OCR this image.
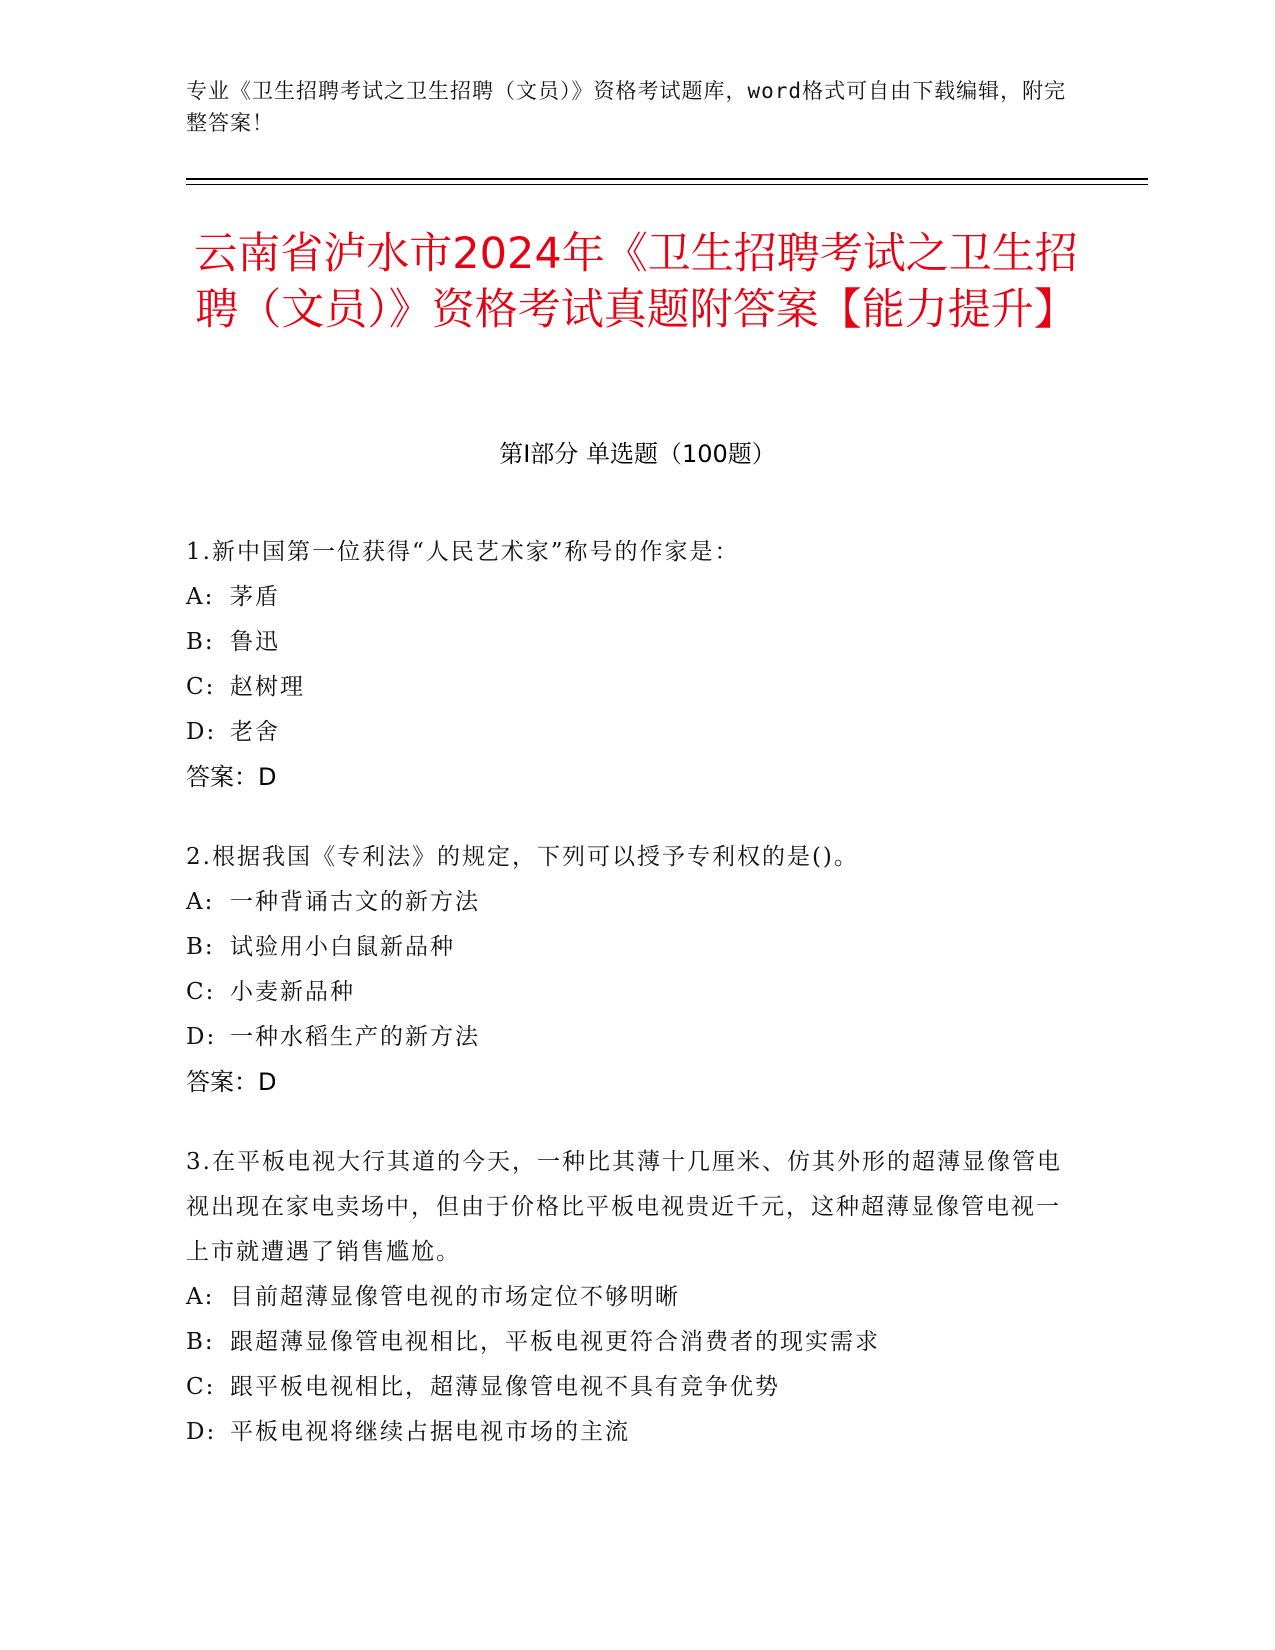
专业《卫生招聘考试之卫生招聘（文员）》资格考试题库，word格式可自由下载编辑，附完整答案！
云南省泸水市2024年《卫生招聘考试之卫生招聘（文员）》资格考试真题附答案【能力提升】
第Ⅰ部分 单选题（100题）
1.新中国第一位获得“人民艺术家”称号的作家是：
A: 茅盾
B: 鲁迅
C: 赵树理
D: 老舍
答案：D
2.根据我国《专利法》的规定，下列可以授予专利权的是()。
A: 一种背诵古文的新方法
B: 试验用小白鼠新品种
C: 小麦新品种
D: 一种水稻生产的新方法
答案：D
3.在平板电视大行其道的今天，一种比其薄十几厘米、仿其外形的超薄显像管电视出现在家电卖场中，但由于价格比平板电视贵近千元，这种超薄显像管电视一上市就遭遇了销售尴尬。
A: 目前超薄显像管电视的市场定位不够明晰
B: 跟超薄显像管电视相比，平板电视更符合消费者的现实需求
C: 跟平板电视相比，超薄显像管电视不具有竞争优势
D: 平板电视将继续占据电视市场的主流
